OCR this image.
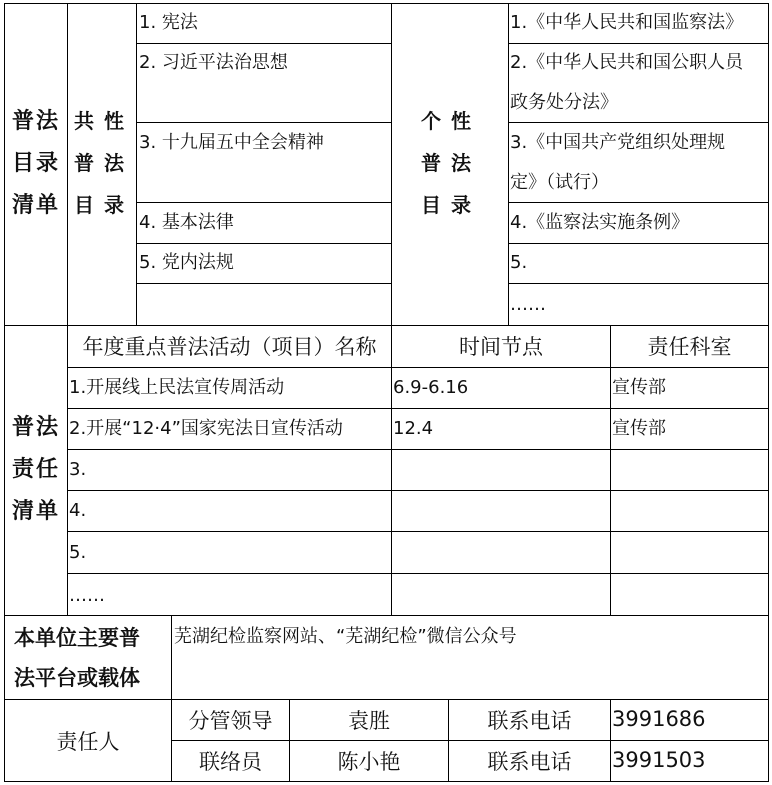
普法
目录
清单
共性
普法
目录
1. 宪法
2. 习近平法治思想
3. 十九届五中全会精神
4. 基本法律
5. 党内法规
个性
普法
目录
1.《中华人民共和国监察法》
2.《中华人民共和国公职人员
政务处分法》
3.《中国共产党组织处理规
定》（试行）
4.《监察法实施条例》
5.
……
普法
责任
清单
年度重点普法活动（项目）名称	时间节点	责任科室
1.开展线上民法宣传周活动	6.9-6.16	宣传部
2.开展“12·4”国家宪法日宣传活动	12.4	宣传部
3.
4.
5.
……
本单位主要普
法平台或载体
芜湖纪检监察网站、“芜湖纪检”微信公众号
责任人
分管领导	袁胜	联系电话	3991686
联络员	陈小艳	联系电话	3991503
